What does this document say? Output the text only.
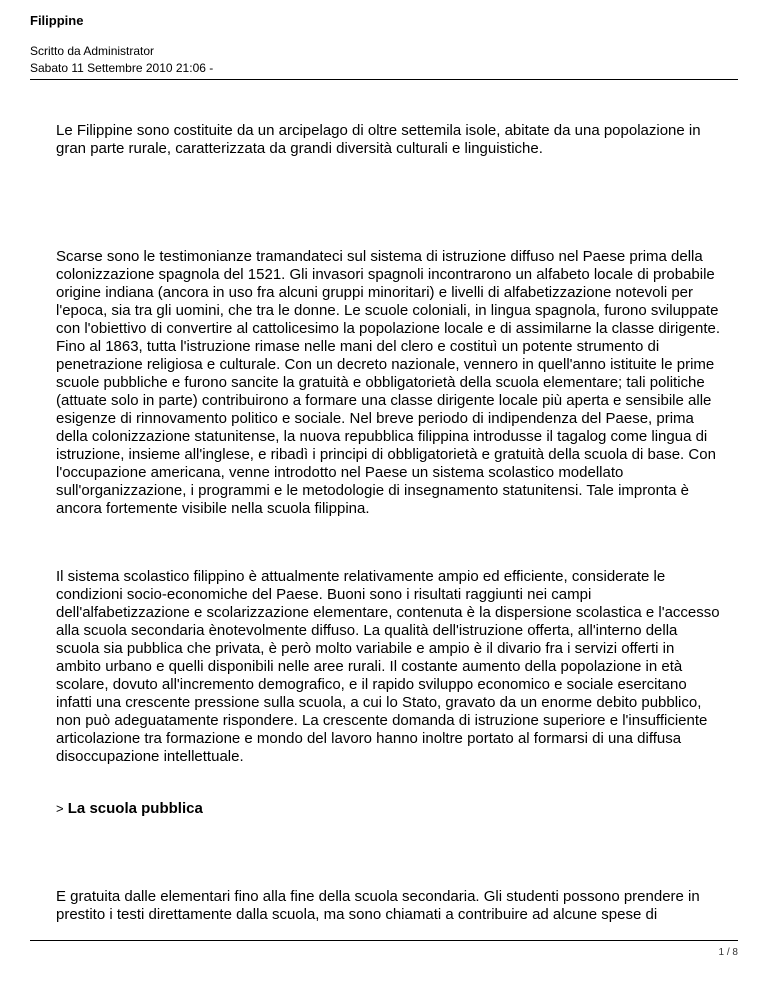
Filippine
Scritto da Administrator
Sabato 11 Settembre 2010 21:06 -

Le Filippine sono costituite da un arcipelago di oltre settemila isole, abitate da una popolazione in gran parte rurale, caratterizzata da grandi diversità culturali e linguistiche.

Scarse sono le testimonianze tramandateci sul sistema di istruzione diffuso nel Paese prima della colonizzazione spagnola del 1521. Gli invasori spagnoli incontrarono un alfabeto locale di probabile origine indiana (ancora in uso fra alcuni gruppi minoritari) e livelli di alfabetizzazione notevoli per l'epoca, sia tra gli uomini, che tra le donne. Le scuole coloniali, in lingua spagnola, furono sviluppate con l'obiettivo di convertire al cattolicesimo la popolazione locale e di assimilarne la classe dirigente. Fino al 1863, tutta l'istruzione rimase nelle mani del clero e costituì un potente strumento di penetrazione religiosa e culturale. Con un decreto nazionale, vennero in quell'anno istituite le prime scuole pubbliche e furono sancite la gratuità e obbligatorietà della scuola elementare; tali politiche (attuate solo in parte) contribuirono a formare una classe dirigente locale più aperta e sensibile alle esigenze di rinnovamento politico e sociale. Nel breve periodo di indipendenza del Paese, prima della colonizzazione statunitense, la nuova repubblica filippina introdusse il tagalog come lingua di istruzione, insieme all'inglese, e ribadì i principi di obbligatorietà e gratuità della scuola di base. Con l'occupazione americana, venne introdotto nel Paese un sistema scolastico modellato sull'organizzazione, i programmi e le metodologie di insegnamento statunitensi. Tale impronta è ancora fortemente visibile nella scuola filippina.

Il sistema scolastico filippino è attualmente relativamente ampio ed efficiente, considerate le condizioni socio-economiche del Paese. Buoni sono i risultati raggiunti nei campi dell'alfabetizzazione e scolarizzazione elementare, contenuta è la dispersione scolastica e l'accesso alla scuola secondaria ènotevolmente diffuso. La qualità dell'istruzione offerta, all'interno della scuola sia pubblica che privata, è però molto variabile e ampio è il divario fra i servizi offerti in ambito urbano e quelli disponibili nelle aree rurali. Il costante aumento della popolazione in età scolare, dovuto all'incremento demografico, e il rapido sviluppo economico e sociale esercitano infatti una crescente pressione sulla scuola, a cui lo Stato, gravato da un enorme debito pubblico, non può adeguatamente rispondere. La crescente domanda di istruzione superiore e l'insufficiente articolazione tra formazione e mondo del lavoro hanno inoltre portato al formarsi di una diffusa disoccupazione intellettuale.

> La scuola pubblica

E gratuita dalle elementari fino alla fine della scuola secondaria. Gli studenti possono prendere in prestito i testi direttamente dalla scuola, ma sono chiamati a contribuire ad alcune spese di

1 / 8
